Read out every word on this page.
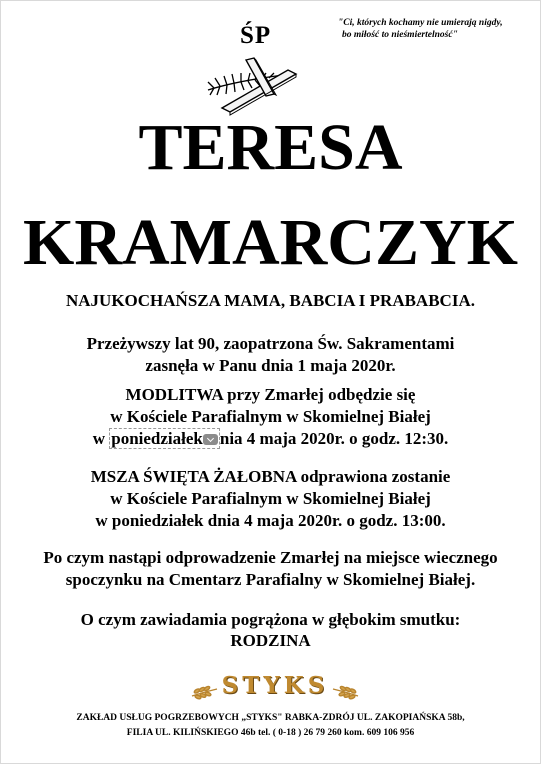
ŚP	"Ci, których kochamy nie umierają nigdy,
bo miłość to nieśmiertelność"
TERESA
KRAMARCZYK
NAJUKOCHAŃSZA MAMA, BABCIA I PRABABCIA.
Przeżywszy lat 90, zaopatrzona Św. Sakramentami
zasnęła w Panu dnia 1 maja 2020r.
MODLITWA przy Zmarłej odbędzie się
w Kościele Parafialnym w Skomielnej Białej
w poniedziałek nia 4 maja 2020r. o godz. 12:30.
MSZA ŚWIĘTA ŻAŁOBNA odprawiona zostanie
w Kościele Parafialnym w Skomielnej Białej
w poniedziałek dnia 4 maja 2020r. o godz. 13:00.
Po czym nastąpi odprowadzenie Zmarłej na miejsce wiecznego
spoczynku na Cmentarz Parafialny w Skomielnej Białej.
O czym zawiadamia pogrążona w głębokim smutku:
RODZINA
STYKS
ZAKŁAD USŁUG POGRZEBOWYCH „STYKS" RABKA-ZDRÓJ UL. ZAKOPIAŃSKA 58b,
FILIA UL. KILIŃSKIEGO 46b tel. ( 0-18 ) 26 79 260 kom. 609 106 956
